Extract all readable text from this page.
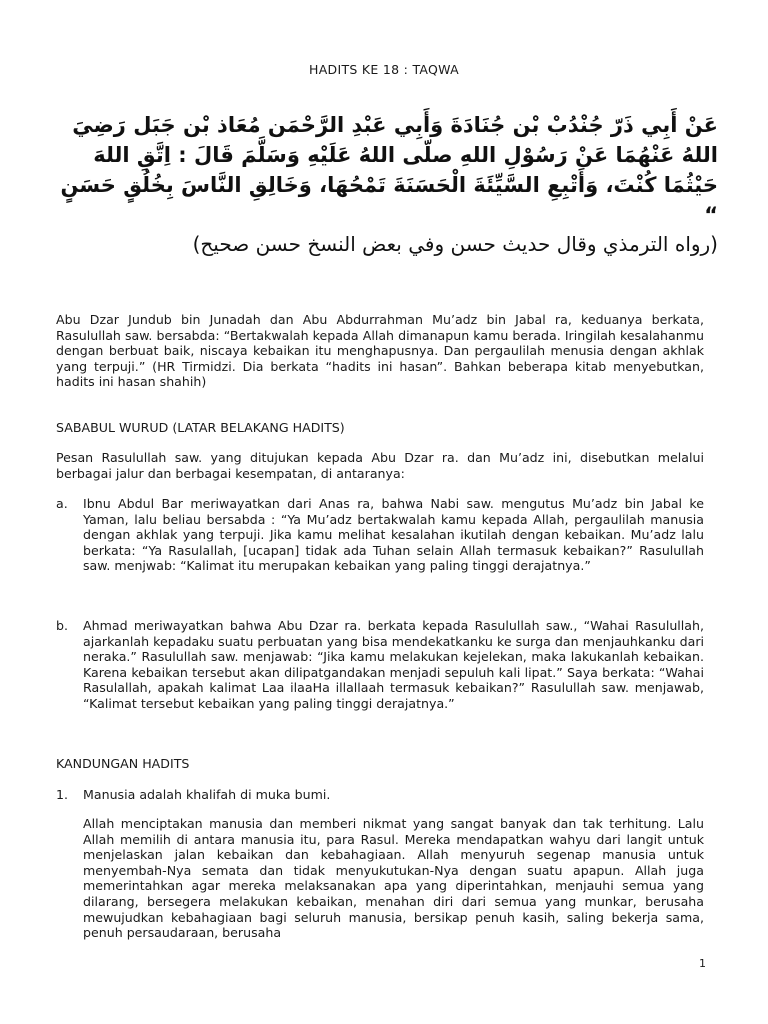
HADITS KE 18 : TAQWA
عَنْ أَبِي ذَرّ جُنْدُبْ بْن جُنَادَةَ وَأَبِي عَبْدِ الرَّحْمَن مُعَاذ بْن جَبَل رَضِيَ اللهُ عَنْهُمَا عَنْ رَسُوْلِ اللهِ صلّى اللهُ عَلَيْهِ وَسَلَّمَ قَالَ : اِتَّقِ اللهَ حَيْثُمَا كُنْتَ، وَأَتْبِعِ السَّيِّئَةَ الْحَسَنَةَ تَمْحُهَا، وَخَالِقِ النَّاسَ بِخُلُقٍ حَسَنٍ “
(رواه الترمذي وقال حديث حسن وفي بعض النسخ حسن صحيح)
Abu Dzar Jundub bin Junadah dan Abu Abdurrahman Mu’adz bin Jabal ra, keduanya berkata, Rasulullah saw. bersabda: “Bertakwalah kepada Allah dimanapun kamu berada. Iringilah kesalahanmu dengan berbuat baik, niscaya kebaikan itu menghapusnya. Dan pergaulilah menusia dengan akhlak yang terpuji.” (HR Tirmidzi. Dia berkata “hadits ini hasan”. Bahkan beberapa kitab menyebutkan, hadits ini hasan shahih)
SABABUL WURUD (LATAR BELAKANG HADITS)
Pesan Rasulullah saw. yang ditujukan kepada Abu Dzar ra. dan Mu’adz ini, disebutkan melalui berbagai jalur dan berbagai kesempatan, di antaranya:
a.	Ibnu Abdul Bar meriwayatkan dari Anas ra, bahwa Nabi saw. mengutus Mu’adz bin Jabal ke Yaman, lalu beliau bersabda : “Ya Mu’adz bertakwalah kamu kepada Allah, pergaulilah manusia dengan akhlak yang terpuji. Jika kamu melihat kesalahan ikutilah dengan kebaikan. Mu’adz lalu berkata: “Ya Rasulallah, [ucapan] tidak ada Tuhan selain Allah termasuk kebaikan?” Rasulullah saw. menjwab: “Kalimat itu merupakan kebaikan yang paling tinggi derajatnya.”
b.	Ahmad meriwayatkan bahwa Abu Dzar ra. berkata kepada Rasulullah saw., “Wahai Rasulullah, ajarkanlah kepadaku suatu perbuatan yang bisa mendekatkanku ke surga dan menjauhkanku dari neraka.” Rasulullah saw. menjawab: “Jika kamu melakukan kejelekan, maka lakukanlah kebaikan. Karena kebaikan tersebut akan dilipatgandakan menjadi sepuluh kali lipat.” Saya berkata: “Wahai Rasulallah, apakah kalimat Laa ilaaHa illallaah termasuk kebaikan?” Rasulullah saw. menjawab, “Kalimat tersebut kebaikan yang paling tinggi derajatnya.”
KANDUNGAN HADITS
1.	Manusia adalah khalifah di muka bumi.
Allah menciptakan manusia dan memberi nikmat yang sangat banyak dan tak terhitung. Lalu Allah memilih di antara manusia itu, para Rasul. Mereka mendapatkan wahyu dari langit untuk menjelaskan jalan kebaikan dan kebahagiaan. Allah menyuruh segenap manusia untuk menyembah-Nya semata dan tidak menyukutukan-Nya dengan suatu apapun. Allah juga memerintahkan agar mereka melaksanakan apa yang diperintahkan, menjauhi semua yang dilarang, bersegera melakukan kebaikan, menahan diri dari semua yang munkar, berusaha mewujudkan kebahagiaan bagi seluruh manusia, bersikap penuh kasih, saling bekerja sama, penuh persaudaraan, berusaha
1
